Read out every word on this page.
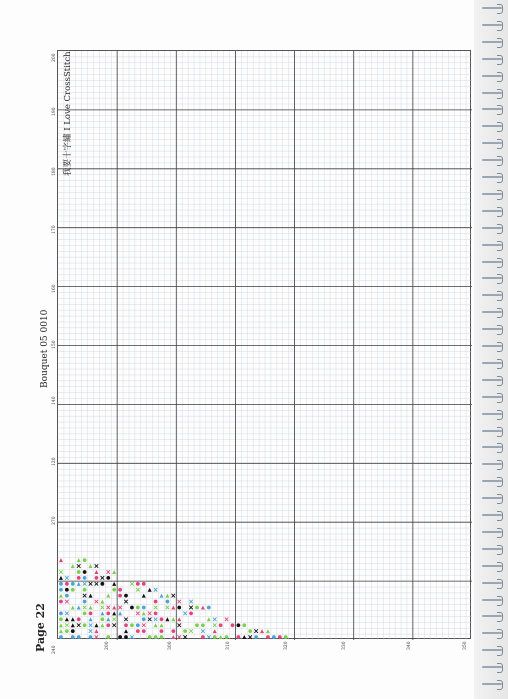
Bouquet 05 0010
Page 22
我要十字繡 I Love CrossStitch
240
270
120
140
150
160
170
180
190
200
200	300	310	320	330	340	350
